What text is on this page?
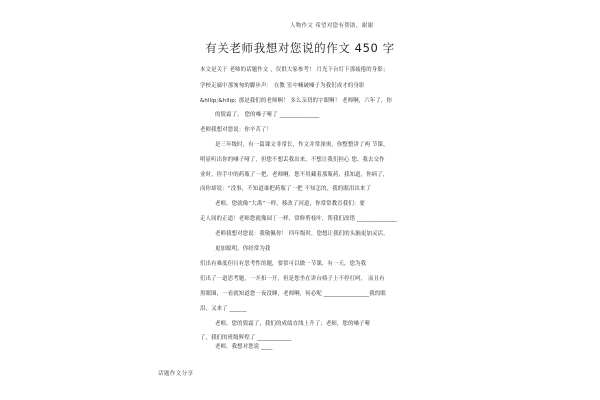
人物作文 希望对您有帮助，谢谢
有关老师我想对您说的作文 450 字
本文是关于 老师的话题作文 ，仅供大家参考！ 月光下台灯下那疲倦的身影；
学校走廊中那匆匆的脚步声： 在教 室中喊破嗓子为我们成才的身影
&hllip;&hllip; 那是我们的老师啊！ 多么亲切的字眼啊！ 老师啊，六年了，你
的鬓霜了， 您的嗓子哑了 ______________
老师我想对您说：你辛苦了！
是三年级时，有一篇课文非常长，作文并常深奥，你整整讲了两 节课，
明显听出你的嗓子哑了，但您不想丢我出来，不想让我们担心 您，我去交作
业时，你手中的药瓶了一把，老师啊，您不用藏着那瓶药，我知道，你病了，
而你却说：“没事，不知道谁把药瓶了一把 不知怎的，我的眼泪出来了
老师，您就像“大禹”一样，移改了河道，你常常教育我们：要
走人间的正道！老师您就像园丁一样，常修剪枝叶，帮我们改错 ______________
老师我想对您说：我敬佩你！ 四年级时，您想让我们的头脑更加灵活，
更加聪明，你经常为我
们出有难度但且有思考性的题，要常可以做一节课，有一天，您为我
们出了一道思考题，一开扣一开，但是您坐在讲台椅子上不停打呵， 而且有
黑眼圈，一看就知道您一夜没睡，老师啊，何必呢 ________________我的眼
泪，又来了 ______
老师，您的鬓霜了，我们的成绩直线上升了；老师，您的嗓子哑
了，我们的班级辉煌了 ____________
老师，我想对您说 ____
话题作文分享
